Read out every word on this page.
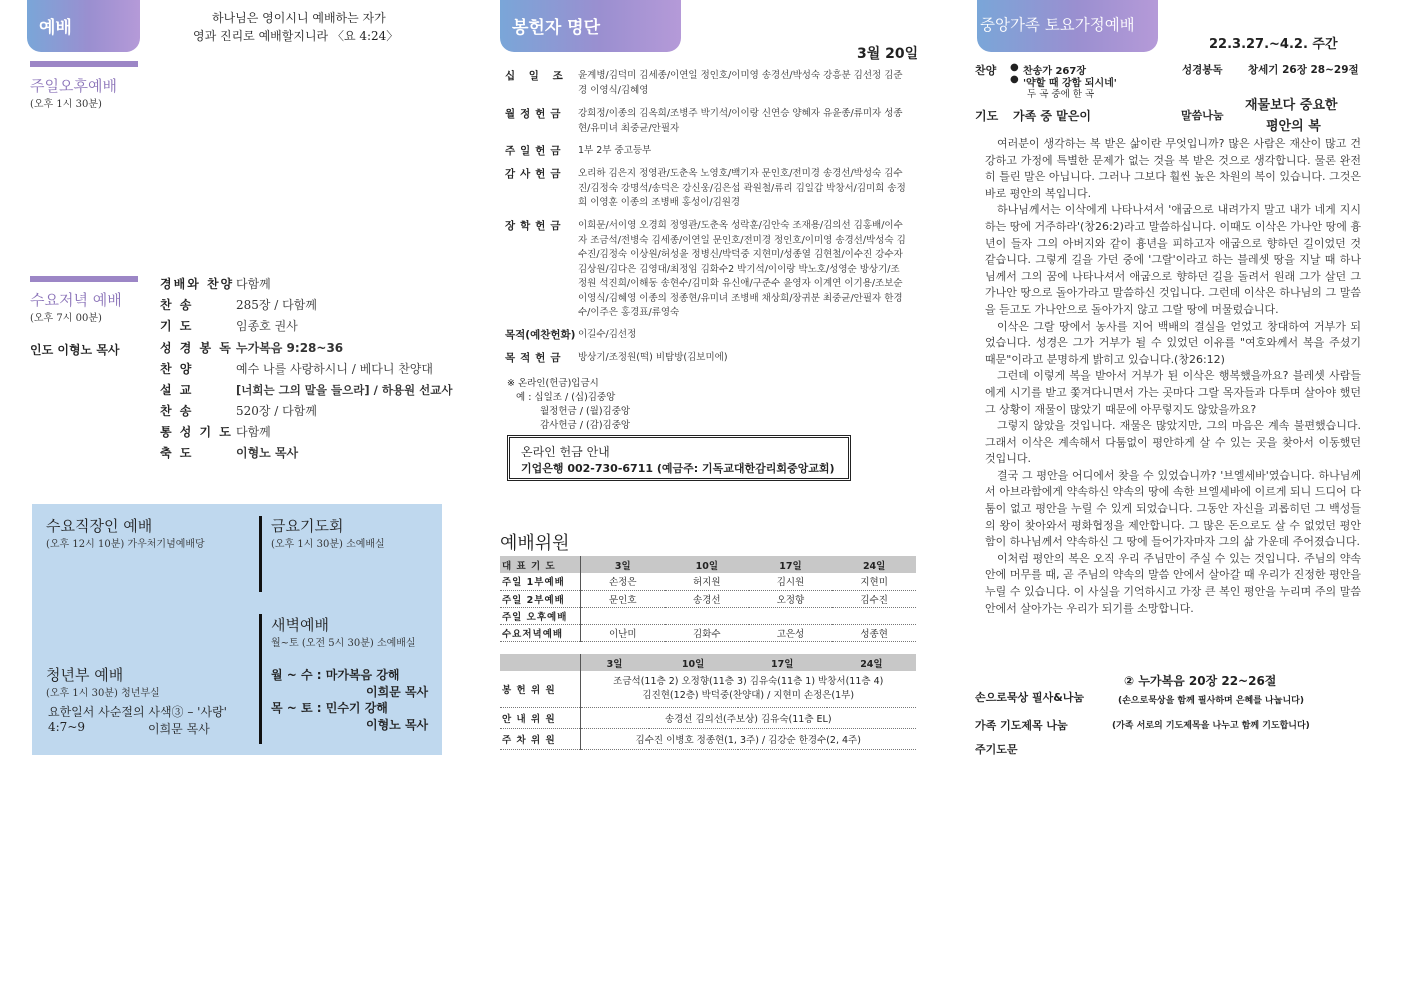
예배	하나님은 영이시니 예배하는 자가
영과 진리로 예배할지니라 〈요 4:24〉
주일오후예배
(오후 1시 30분)
수요저녁 예배
(오후 7시 00분)
인도 이형노 목사
경배와 찬양 다함께
찬 송	285장 / 다함께
기 도	임종호 권사
성 경 봉 독 누가복음 9:28~36
찬 양	예수 나를 사랑하시니 / 베다니 찬양대
설 교	[너희는 그의 말을 들으라] / 하용원 선교사
찬 송	520장 / 다함께
통 성 기 도 다함께
축 도	이형노 목사
수요직장인 예배
(오후 12시 10분) 가우처기념예배당
금요기도회
(오후 1시 30분) 소예배실
새벽예배
월~토 (오전 5시 30분) 소예배실
월 ~ 수 : 마가복음 강해
이희문 목사
목 ~ 토 : 민수기 강해
이형노 목사
청년부 예배
(오후 1시 30분) 청년부실
요한일서 사순절의 사색③ – '사랑'
4:7~9	이희문 목사
봉헌자 명단
3월 20일
십 일 조	윤계병/김덕미 김세종/이연일 정인호/이미영 송경선/박성숙 강흥분 김선정 김준경 이영식/김혜영
월정헌금	강희정/이종의 김옥희/조병주 박기석/이이랑 신연승 양혜자 유윤종/류미자 성종현/유미녀 최중균/안필자
주일헌금	1부 2부 중고등부
감사헌금	오리하 김은지 정영관/도춘옥 노영호/백기자 문인호/전미경 송경선/박성숙 김수진/김정숙 강명석/송덕은 강신웅/김은섭 곽원철/류리 김일갑 박창서/김미희 송정희 이영훈 이종의 조병배 홍성이/김원경
장학헌금	이희문/서이영 오경희 정영관/도춘옥 성락훈/김안숙 조재용/김의선 김홍배/이수자 조금석/전병숙 김세종/이연일 문인호/전미경 정인호/이미영 송경선/박성숙 김수진/김정숙 이상원/허성윤 정병신/박덕중 지현미/성종열 김현철/이수진 강수자 김상원/김다은 김영대/최정임 김화수2 박기석/이이랑 박노호/성영순 방상기/조정원 석진희/이해동 송현수/김미화 유신애/구준수 윤영자 이계연 이기용/조보순 이영식/김혜영 이종의 정종현/유미녀 조병배 채상희/장귀분 최중균/안필자 한경수/이주은 홍경표/류영숙
목적(예찬헌화) 이길수/김선정
목적헌금	방상기/조정원(떡) 비탐방(김보미에)
※ 온라인(헌금)입금시
예 : 십일조 / (십)김중앙
월정헌금 / (월)김중앙
감사헌금 / (감)김중앙
온라인 헌금 안내
기업은행 002-730-6711 (예금주: 기독교대한감리회중앙교회)
예배위원
대 표 기 도	3일	10일	17일	24일
주일 1부예배	손정은	허지원	김시원	지현미
주일 2부예배	문인호	송경선	오정향	김수진
주일 오후예배				
수요저녁예배	이난미	김화수	고은성	성종현
	3일	10일	17일	24일
봉 헌 위 원	조금석(11층 2) 오정향(11층 3) 김유숙(11층 1) 박창서(11층 4)
김진현(12층) 박덕중(찬양대) / 지현미 손정은(1부)			

안 내 위 원	송경선 김의선(주보상) 김유숙(11층 EL)			
주 차 위 원	김수진 이병호 정종현(1, 3주) / 김강순 한경수(2, 4주)			
중앙가족 토요가정예배
22.3.27.~4.2. 주간
찬양 ● 찬송가 267장
● '약할 때 강함 되시네'
두 곡 중에 한 곡
성경봉독 창세기 26장 28~29절
기도 가족 중 맡은이	말씀나눔
재물보다 중요한
평안의 복

여러분이 생각하는 복 받은 삶이란 무엇입니까? 많은 사람은 재산이 많고 건강하고 가정에 특별한 문제가 없는 것을 복 받은 것으로 생각합니다. 물론 완전히 틀린 말은 아닙니다. 그러나 그보다 훨씬 높은 차원의 복이 있습니다. 그것은 바로 평안의 복입니다.

하나님께서는 이삭에게 나타나셔서 '애굽으로 내려가지 말고 내가 네게 지시하는 땅에 거주하라'(창26:2)라고 말씀하십니다. 이때도 이삭은 가나안 땅에 흉년이 들자 그의 아버지와 같이 흉년을 피하고자 애굽으로 향하던 길이었던 것 같습니다. 그렇게 길을 가던 중에 '그랄'이라고 하는 블레셋 땅을 지날 때 하나님께서 그의 꿈에 나타나셔서 애굽으로 향하던 길을 돌려서 원래 그가 살던 그 가나안 땅으로 돌아가라고 말씀하신 것입니다. 그런데 이삭은 하나님의 그 말씀을 듣고도 가나안으로 돌아가지 않고 그랄 땅에 머물렀습니다.

이삭은 그랄 땅에서 농사를 지어 백배의 결실을 얻었고 창대하여 거부가 되었습니다. 성경은 그가 거부가 될 수 있었던 이유를 "여호와께서 복을 주셨기 때문"이라고 분명하게 밝히고 있습니다.(창26:12)

그런데 이렇게 복을 받아서 거부가 된 이삭은 행복했을까요? 블레셋 사람들에게 시기를 받고 쫓겨다니면서 가는 곳마다 그랄 목자들과 다투며 살아야 했던 그 상황이 재물이 많았기 때문에 아무렇지도 않았을까요?

그렇지 않았을 것입니다. 재물은 많았지만, 그의 마음은 계속 불편했습니다. 그래서 이삭은 계속해서 다툼없이 평안하게 살 수 있는 곳을 찾아서 이동했던 것입니다.

결국 그 평안을 어디에서 찾을 수 있었습니까? '브엘세바'였습니다. 하나님께서 아브라함에게 약속하신 약속의 땅에 속한 브엘세바에 이르게 되니 드디어 다툼이 없고 평안을 누릴 수 있게 되었습니다. 그동안 자신을 괴롭히던 그 백성들의 왕이 찾아와서 평화협정을 제안합니다. 그 많은 돈으로도 살 수 없었던 평안함이 하나님께서 약속하신 그 땅에 들어가자마자 그의 삶 가운데 주어졌습니다.

이처럼 평안의 복은 오직 우리 주님만이 주실 수 있는 것입니다. 주님의 약속 안에 머무를 때, 곧 주님의 약속의 말씀 안에서 살아갈 때 우리가 진정한 평안을 누릴 수 있습니다. 이 사실을 기억하시고 가장 큰 복인 평안을 누리며 주의 말씀 안에서 살아가는 우리가 되기를 소망합니다.

② 누가복음 20장 22~26절
손으로묵상 필사&나눔	(손으로묵상을 함께 필사하며 은혜를 나눕니다)
가족 기도제목 나눔	(가족 서로의 기도제목을 나누고 함께 기도합니다)
주기도문
